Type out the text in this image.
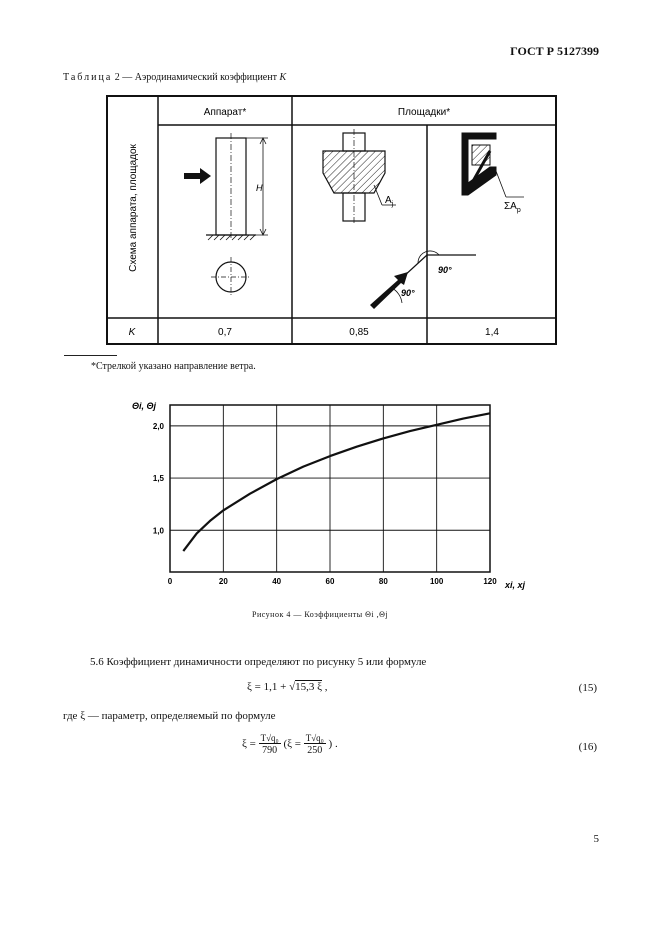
ГОСТ Р 5127399
Таблица 2 — Аэродинамический коэффициент K
Схема аппарата, площадок
Аппарат*	Площадки*
H
$A_j$
90°
90°
$\Sigma A_p$
K	0,7	0,85	1,4
*Стрелкой указано направление ветра.
0	20	40	60	80	100	120
1,0
1,5
2,0
Θi, Θj
xi, xj
Рисунок 4 — Коэффициенты Θi ,Θj
5.6 Коэффициент динамичности определяют по рисунку 5 или формуле
ξ = 1,1 + √15,3 ξ ,	(15)
где ξ — параметр, определяемый по формуле
$\xi = \frac{\text{T√q₀}}{790} (\xi = \frac{\text{T√q₀}}{250}$ ) .	(16)
5
